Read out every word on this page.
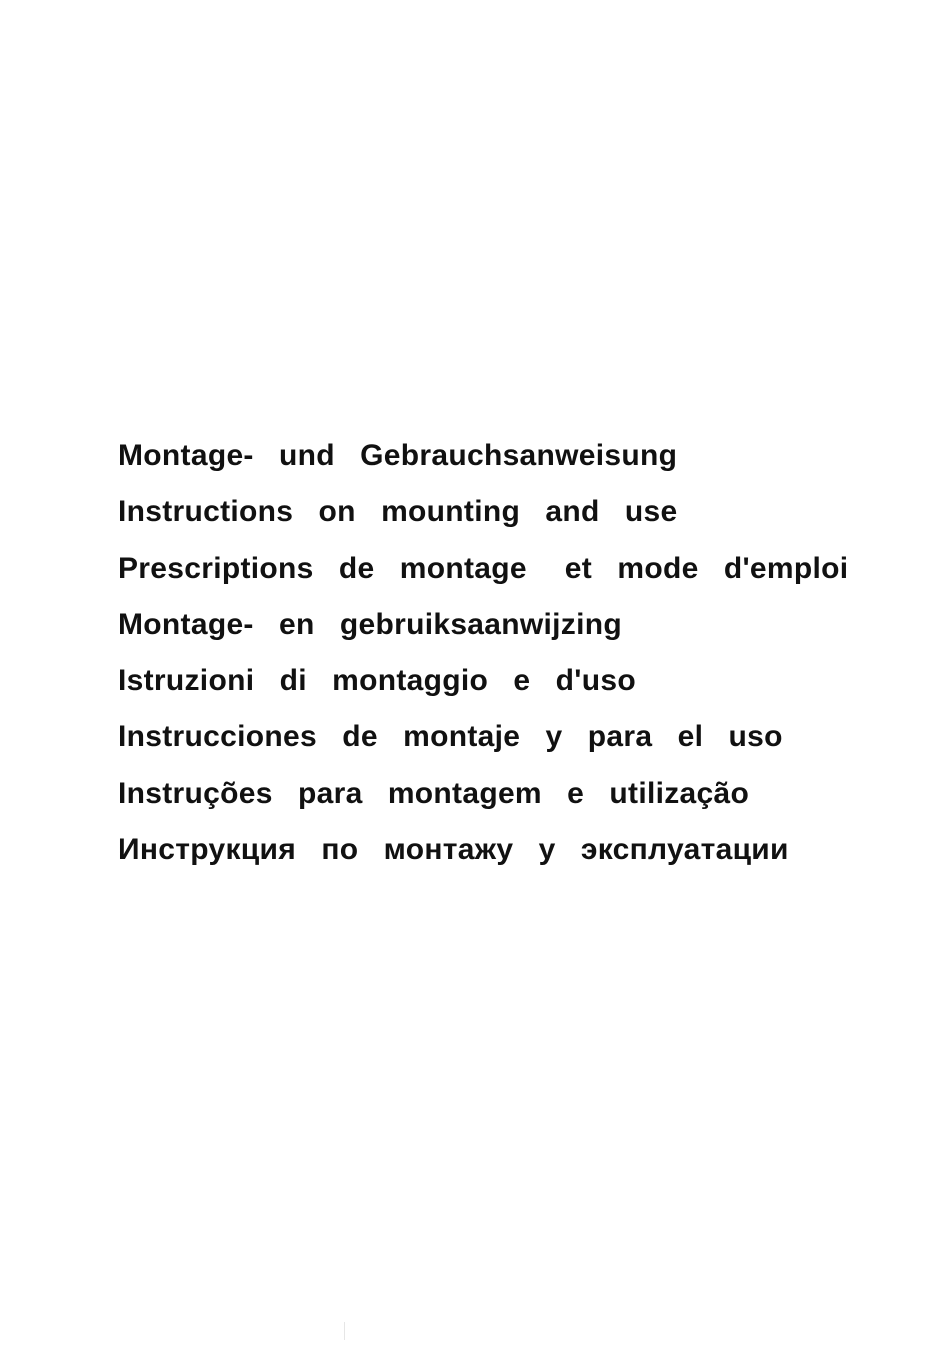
Montage-  und  Gebrauchsanweisung
Instructions  on  mounting  and  use
Prescriptions  de  montage   et  mode  d'emploi
Montage-  en  gebruiksaanwijzing
Istruzioni  di  montaggio  e  d'uso
Instrucciones  de  montaje  y  para  el  uso
Instruções  para  montagem  e  utilização
Инструкция  по  монтажу  у  эксплуатации
